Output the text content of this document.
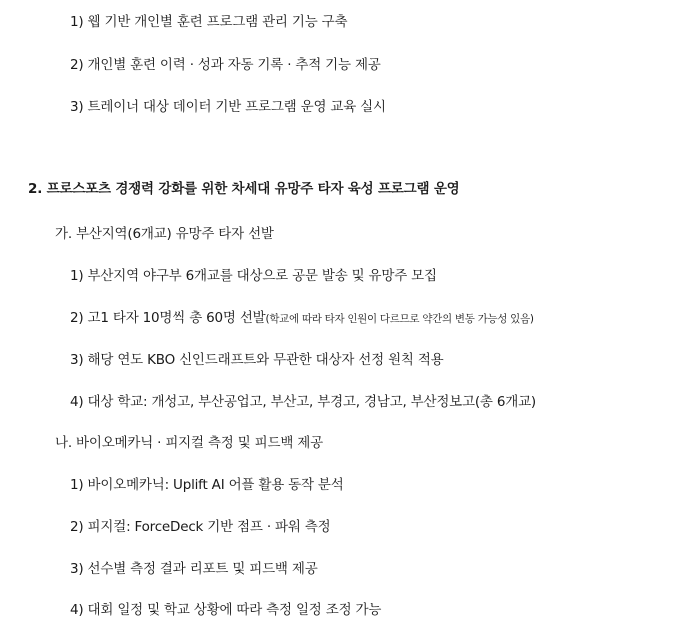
1) 웹 기반 개인별 훈련 프로그램 관리 기능 구축
2) 개인별 훈련 이력 · 성과 자동 기록 · 추적 기능 제공
3) 트레이너 대상 데이터 기반 프로그램 운영 교육 실시
2. 프로스포츠 경쟁력 강화를 위한 차세대 유망주 타자 육성 프로그램 운영
가. 부산지역(6개교) 유망주 타자 선발
1) 부산지역 야구부 6개교를 대상으로 공문 발송 및 유망주 모집
2) 고1 타자 10명씩 총 60명 선발(학교에 따라 타자 인원이 다르므로 약간의 변동 가능성 있음)
3) 해당 연도 KBO 신인드래프트와 무관한 대상자 선정 원칙 적용
4) 대상 학교: 개성고, 부산공업고, 부산고, 부경고, 경남고, 부산정보고(총 6개교)
나. 바이오메카닉 · 피지컬 측정 및 피드백 제공
1) 바이오메카닉: Uplift AI 어플 활용 동작 분석
2) 피지컬: ForceDeck 기반 점프 · 파워 측정
3) 선수별 측정 결과 리포트 및 피드백 제공
4) 대회 일정 및 학교 상황에 따라 측정 일정 조정 가능
